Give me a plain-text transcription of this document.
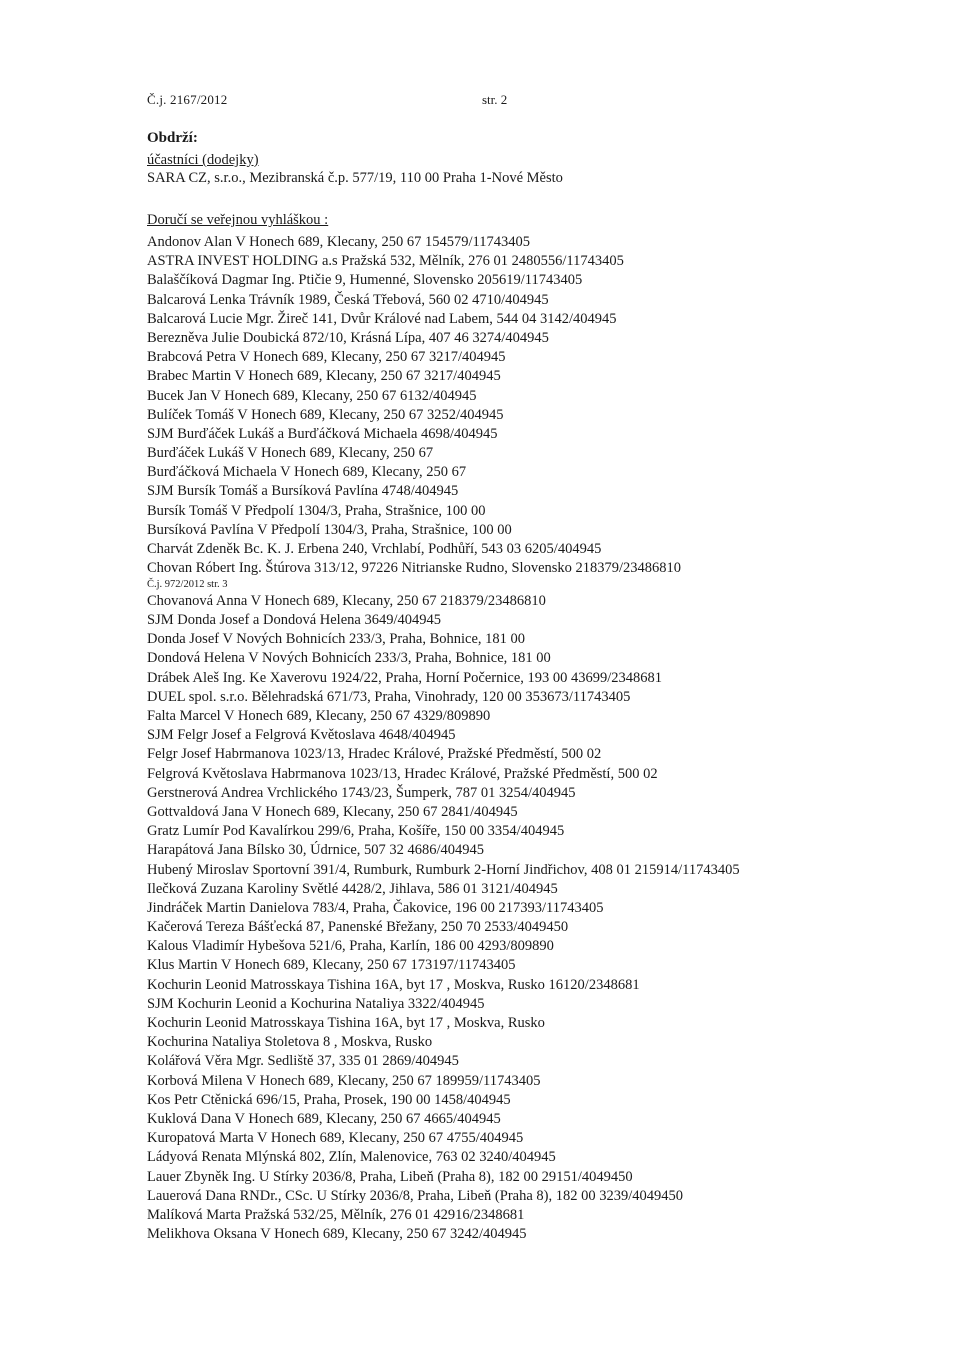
Č.j. 2167/2012	str. 2
Obdrží:
účastníci (dodejky)
SARA CZ, s.r.o., Mezibranská č.p. 577/19, 110 00 Praha 1-Nové Město
Doručí se veřejnou vyhláškou :
Andonov Alan V Honech 689, Klecany, 250 67 154579/11743405
ASTRA INVEST HOLDING a.s Pražská 532, Mělník, 276 01 2480556/11743405
Balaščíková Dagmar Ing. Ptičie 9, Humenné, Slovensko 205619/11743405
Balcarová Lenka Trávník 1989, Česká Třebová, 560 02 4710/404945
Balcarová Lucie Mgr. Žireč 141, Dvůr Králové nad Labem, 544 04 3142/404945
Berezněva Julie Doubická 872/10, Krásná Lípa, 407 46 3274/404945
Brabcová Petra V Honech 689, Klecany, 250 67 3217/404945
Brabec Martin V Honech 689, Klecany, 250 67 3217/404945
Bucek Jan V Honech 689, Klecany, 250 67 6132/404945
Bulíček Tomáš V Honech 689, Klecany, 250 67 3252/404945
SJM Burďáček Lukáš a Burďáčková Michaela 4698/404945
Burďáček Lukáš V Honech 689, Klecany, 250 67
Burďáčková Michaela V Honech 689, Klecany, 250 67
SJM Bursík Tomáš a Bursíková Pavlína 4748/404945
Bursík Tomáš V Předpolí 1304/3, Praha, Strašnice, 100 00
Bursíková Pavlína V Předpolí 1304/3, Praha, Strašnice, 100 00
Charvát Zdeněk Bc. K. J. Erbena 240, Vrchlabí, Podhůří, 543 03 6205/404945
Chovan Róbert Ing. Štúrova 313/12, 97226 Nitrianske Rudno, Slovensko 218379/23486810
Č.j. 972/2012 str. 3
Chovanová Anna V Honech 689, Klecany, 250 67 218379/23486810
SJM Donda Josef a Dondová Helena 3649/404945
Donda Josef V Nových Bohnicích 233/3, Praha, Bohnice, 181 00
Dondová Helena V Nových Bohnicích 233/3, Praha, Bohnice, 181 00
Drábek Aleš Ing. Ke Xaverovu 1924/22, Praha, Horní Počernice, 193 00 43699/2348681
DUEL spol. s.r.o. Bělehradská 671/73, Praha, Vinohrady, 120 00 353673/11743405
Falta Marcel V Honech 689, Klecany, 250 67 4329/809890
SJM Felgr Josef a Felgrová Květoslava 4648/404945
Felgr Josef Habrmanova 1023/13, Hradec Králové, Pražské Předměstí, 500 02
Felgrová Květoslava Habrmanova 1023/13, Hradec Králové, Pražské Předměstí, 500 02
Gerstnerová Andrea Vrchlického 1743/23, Šumperk, 787 01 3254/404945
Gottvaldová Jana V Honech 689, Klecany, 250 67 2841/404945
Gratz Lumír Pod Kavalírkou 299/6, Praha, Košíře, 150 00 3354/404945
Harapátová Jana Bílsko 30, Údrnice, 507 32 4686/404945
Hubený Miroslav Sportovní 391/4, Rumburk, Rumburk 2-Horní Jindřichov, 408 01 215914/11743405
Ilečková Zuzana Karoliny Světlé 4428/2, Jihlava, 586 01 3121/404945
Jindráček Martin Danielova 783/4, Praha, Čakovice, 196 00 217393/11743405
Kačerová Tereza Bášťecká 87, Panenské Břežany, 250 70 2533/4049450
Kalous Vladimír Hybešova 521/6, Praha, Karlín, 186 00 4293/809890
Klus Martin V Honech 689, Klecany, 250 67 173197/11743405
Kochurin Leonid Matrosskaya Tishina 16A, byt 17 , Moskva, Rusko 16120/2348681
SJM Kochurin Leonid a Kochurina Nataliya 3322/404945
Kochurin Leonid Matrosskaya Tishina 16A, byt 17 , Moskva, Rusko
Kochurina Nataliya Stoletova 8 , Moskva, Rusko
Kolářová Věra Mgr. Sedliště 37, 335 01 2869/404945
Korbová Milena V Honech 689, Klecany, 250 67 189959/11743405
Kos Petr Ctěnická 696/15, Praha, Prosek, 190 00 1458/404945
Kuklová Dana V Honech 689, Klecany, 250 67 4665/404945
Kuropatová Marta V Honech 689, Klecany, 250 67 4755/404945
Ládyová Renata Mlýnská 802, Zlín, Malenovice, 763 02 3240/404945
Lauer Zbyněk Ing. U Stírky 2036/8, Praha, Libeň (Praha 8), 182 00 29151/4049450
Lauerová Dana RNDr., CSc. U Stírky 2036/8, Praha, Libeň (Praha 8), 182 00 3239/4049450
Malíková Marta Pražská 532/25, Mělník, 276 01 42916/2348681
Melikhova Oksana V Honech 689, Klecany, 250 67 3242/404945
